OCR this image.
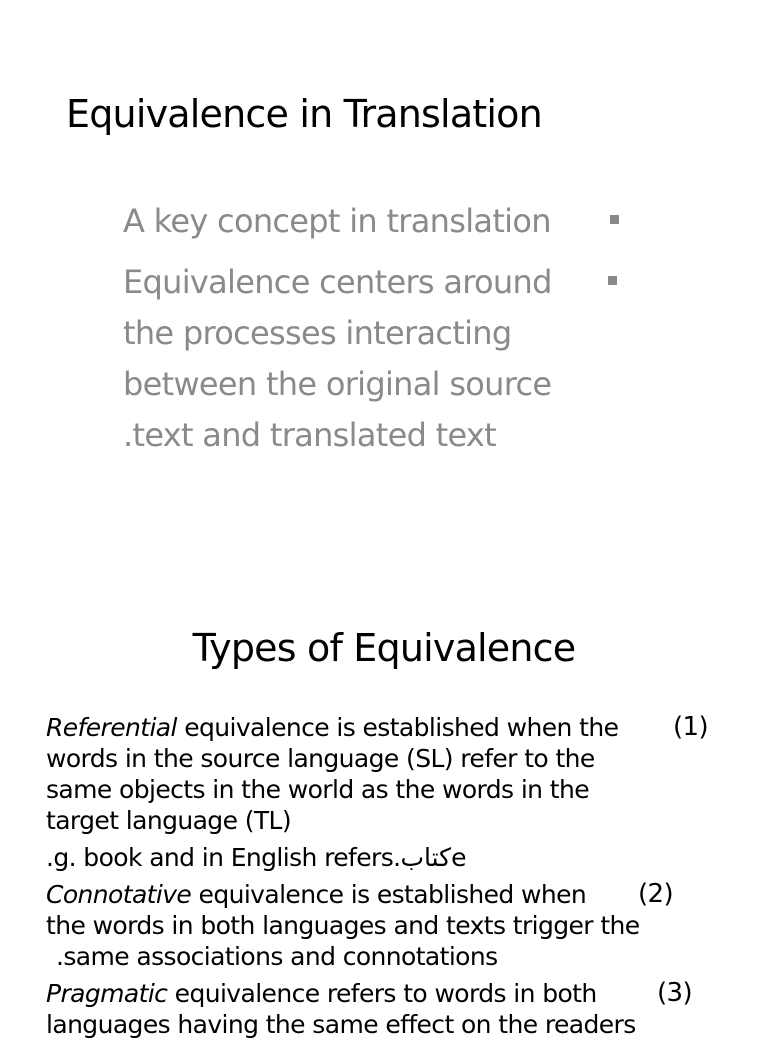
Equivalence in Translation
A key concept in translation
Equivalence centers around
the processes interacting
between the original source
.text and translated text
Types of Equivalence
Referential equivalence is established when the
words in the source language (SL) refer to the
same objects in the world as the words in the
target language (TL)
(1)
.g. book and in English refers.كتابe
Connotative equivalence is established when
the words in both languages and texts trigger the
.same associations and connotations
(2)
Pragmatic equivalence refers to words in both
languages having the same effect on the readers
(3)
